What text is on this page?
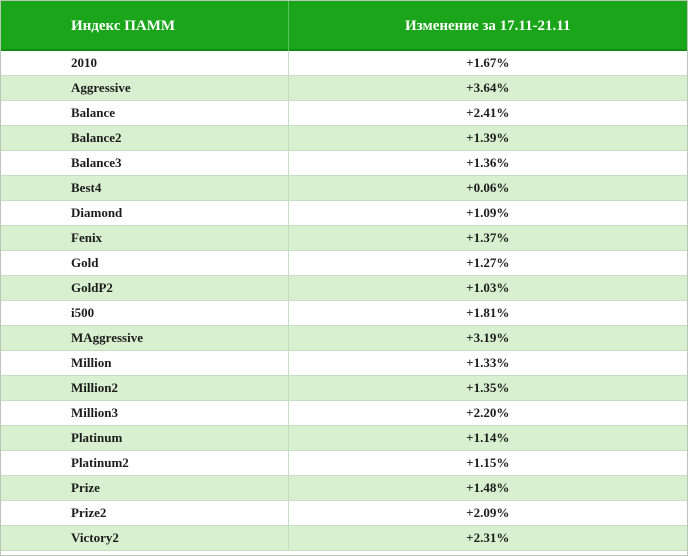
Индекс ПАММ	Изменение за 17.11-21.11
2010	+1.67%
Aggressive	+3.64%
Balance	+2.41%
Balance2	+1.39%
Balance3	+1.36%
Best4	+0.06%
Diamond	+1.09%
Fenix	+1.37%
Gold	+1.27%
GoldP2	+1.03%
i500	+1.81%
MAggressive	+3.19%
Million	+1.33%
Million2	+1.35%
Million3	+2.20%
Platinum	+1.14%
Platinum2	+1.15%
Prize	+1.48%
Prize2	+2.09%
Victory2	+2.31%
